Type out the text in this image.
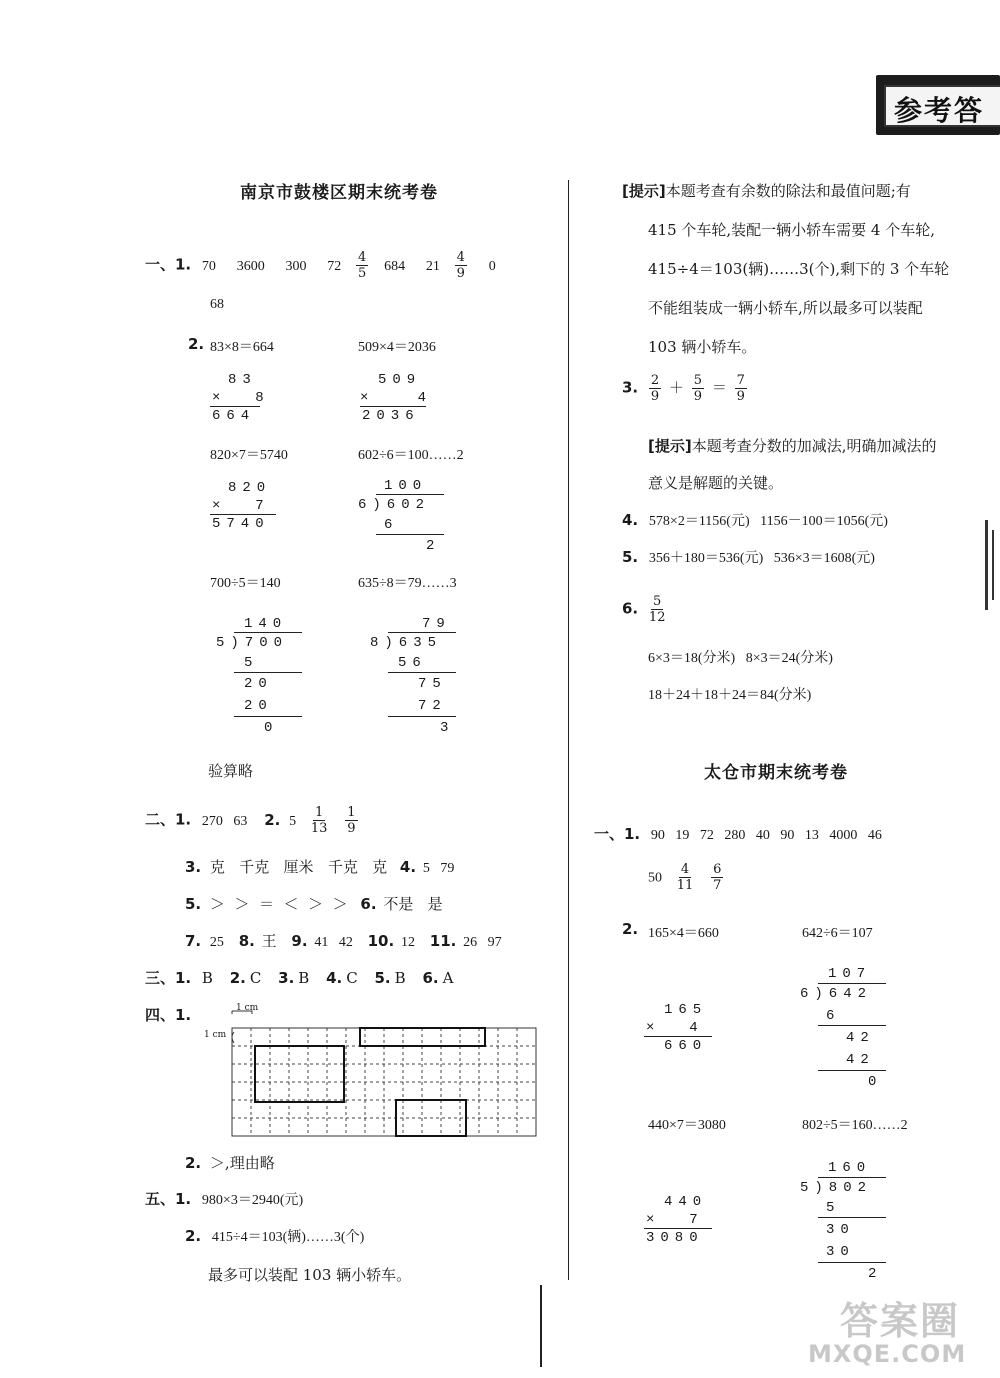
参考答
南京市鼓楼区期末统考卷
一、1. 70 3600 300 $72 \frac{4}{5} 684$ $21 \frac{4}{9} 0$
68
2. 83×8＝664	509×4＝2036
83
×  8
664
509
×   4
2036
820×7＝5740	602÷6＝100……2
820
×  7
5740
100
6)602
6
2
700÷5＝140	635÷8＝79……3
140
5)700
5
20
20
0
79
8)635
56
75
72
3
验算略
二、1. 270   63 2. $5 \frac{1}{13}$
$\frac{1}{9}$
3. 克   千克   厘米   千克   克 4. 5   79
5. ＞  ＞  ＝  ＜  ＞  ＞ 6. 不是   是
7. 25 8. 王 9. 41   42 10. 12 11. 26   97
三、1. B 2. C 3. B 4. C 5. B 6. A
四、1.	1 cm
1 cm
2. ＞,理由略
五、1. 980×3＝2940(元)
2. 415÷4＝103(辆)……3(个)
最多可以装配 103 辆小轿车。
[提示]本题考查有余数的除法和最值问题;有
415 个车轮,装配一辆小轿车需要 4 个车轮,
415÷4＝103(辆)……3(个),剩下的 3 个车轮
不能组装成一辆小轿车,所以最多可以装配
103 辆小轿车。
3. $\frac{2}{9} + \frac{5}{9} = \frac{7}{9}$
[提示]本题考查分数的加减法,明确加减法的
意义是解题的关键。
4. 578×2＝1156(元)   1156－100＝1056(元)
5. 356＋180＝536(元)   536×3＝1608(元)
6. $\frac{5}{12}$
6×3＝18(分米)   8×3＝24(分米)
18＋24＋18＋24＝84(分米)
太仓市期末统考卷
一、1. 90   19   72   280   40   90   13   4000   46
$50 \frac{4}{11}$
$\frac{6}{7}$
2. 165×4＝660	642÷6＝107
165
×  4
660
107
6)642
6
42
42
0
440×7＝3080	802÷5＝160……2
440
×  7
3080
160
5)802
5
30
30
2
答案圈
MXQE.COM
